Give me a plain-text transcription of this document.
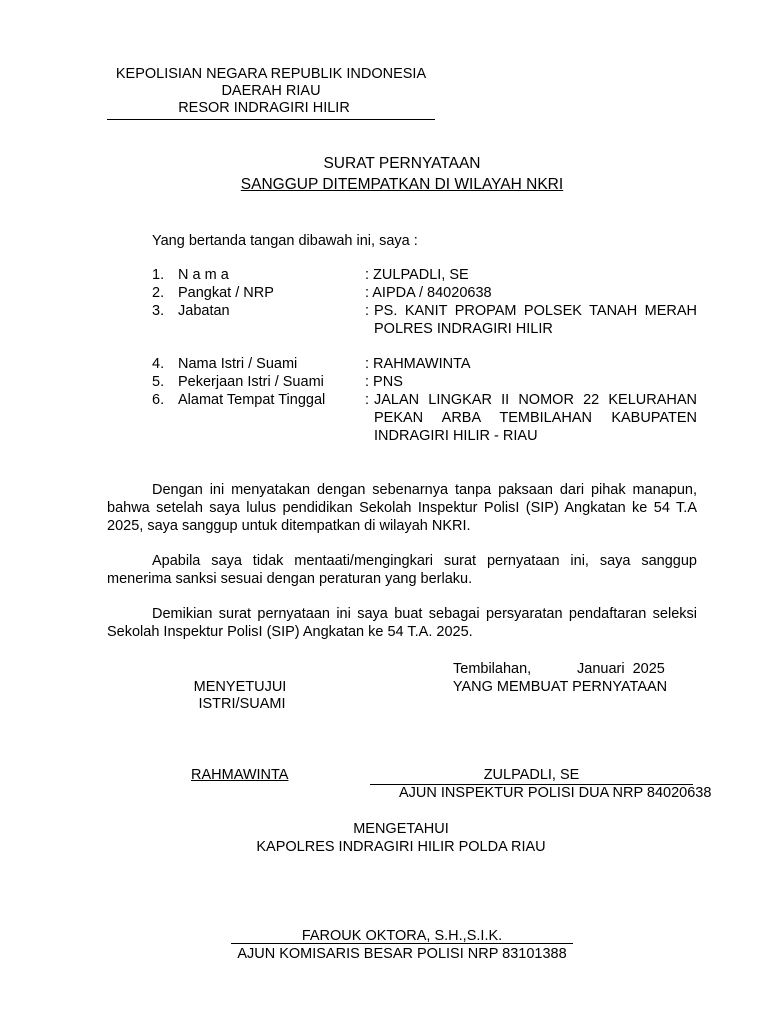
KEPOLISIAN NEGARA REPUBLIK INDONESIA
DAERAH RIAU
RESOR INDRAGIRI HILIR
SURAT PERNYATAAN
SANGGUP DITEMPATKAN DI WILAYAH NKRI
Yang bertanda tangan dibawah ini, saya :
1. N a m a	: ZULPADLI, SE
2. Pangkat / NRP	: AIPDA / 84020638
3. Jabatan	: PS. KANIT PROPAM POLSEK TANAH MERAH POLRES INDRAGIRI HILIR
4. Nama Istri / Suami	: RAHMAWINTA
5. Pekerjaan Istri / Suami	: PNS
6. Alamat Tempat Tinggal	: JALAN LINGKAR II NOMOR 22 KELURAHAN PEKAN ARBA TEMBILAHAN KABUPATEN INDRAGIRI HILIR - RIAU
Dengan ini menyatakan dengan sebenarnya tanpa paksaan dari pihak manapun, bahwa setelah saya lulus pendidikan Sekolah Inspektur PolisI (SIP) Angkatan ke 54 T.A 2025, saya sanggup untuk ditempatkan di wilayah NKRI.
Apabila saya tidak mentaati/mengingkari surat pernyataan ini, saya sanggup menerima sanksi sesuai dengan peraturan yang berlaku.
Demikian surat pernyataan ini saya buat sebagai persyaratan pendaftaran seleksi Sekolah Inspektur PolisI (SIP) Angkatan ke 54 T.A. 2025.
Tembilahan,	Januari  2025
MENYETUJUI
ISTRI/SUAMI
YANG MEMBUAT PERNYATAAN
RAHMAWINTA	ZULPADLI, SE
AJUN INSPEKTUR POLISI DUA NRP 84020638
MENGETAHUI
KAPOLRES INDRAGIRI HILIR POLDA RIAU
FAROUK OKTORA, S.H.,S.I.K.
AJUN KOMISARIS BESAR POLISI NRP 83101388
